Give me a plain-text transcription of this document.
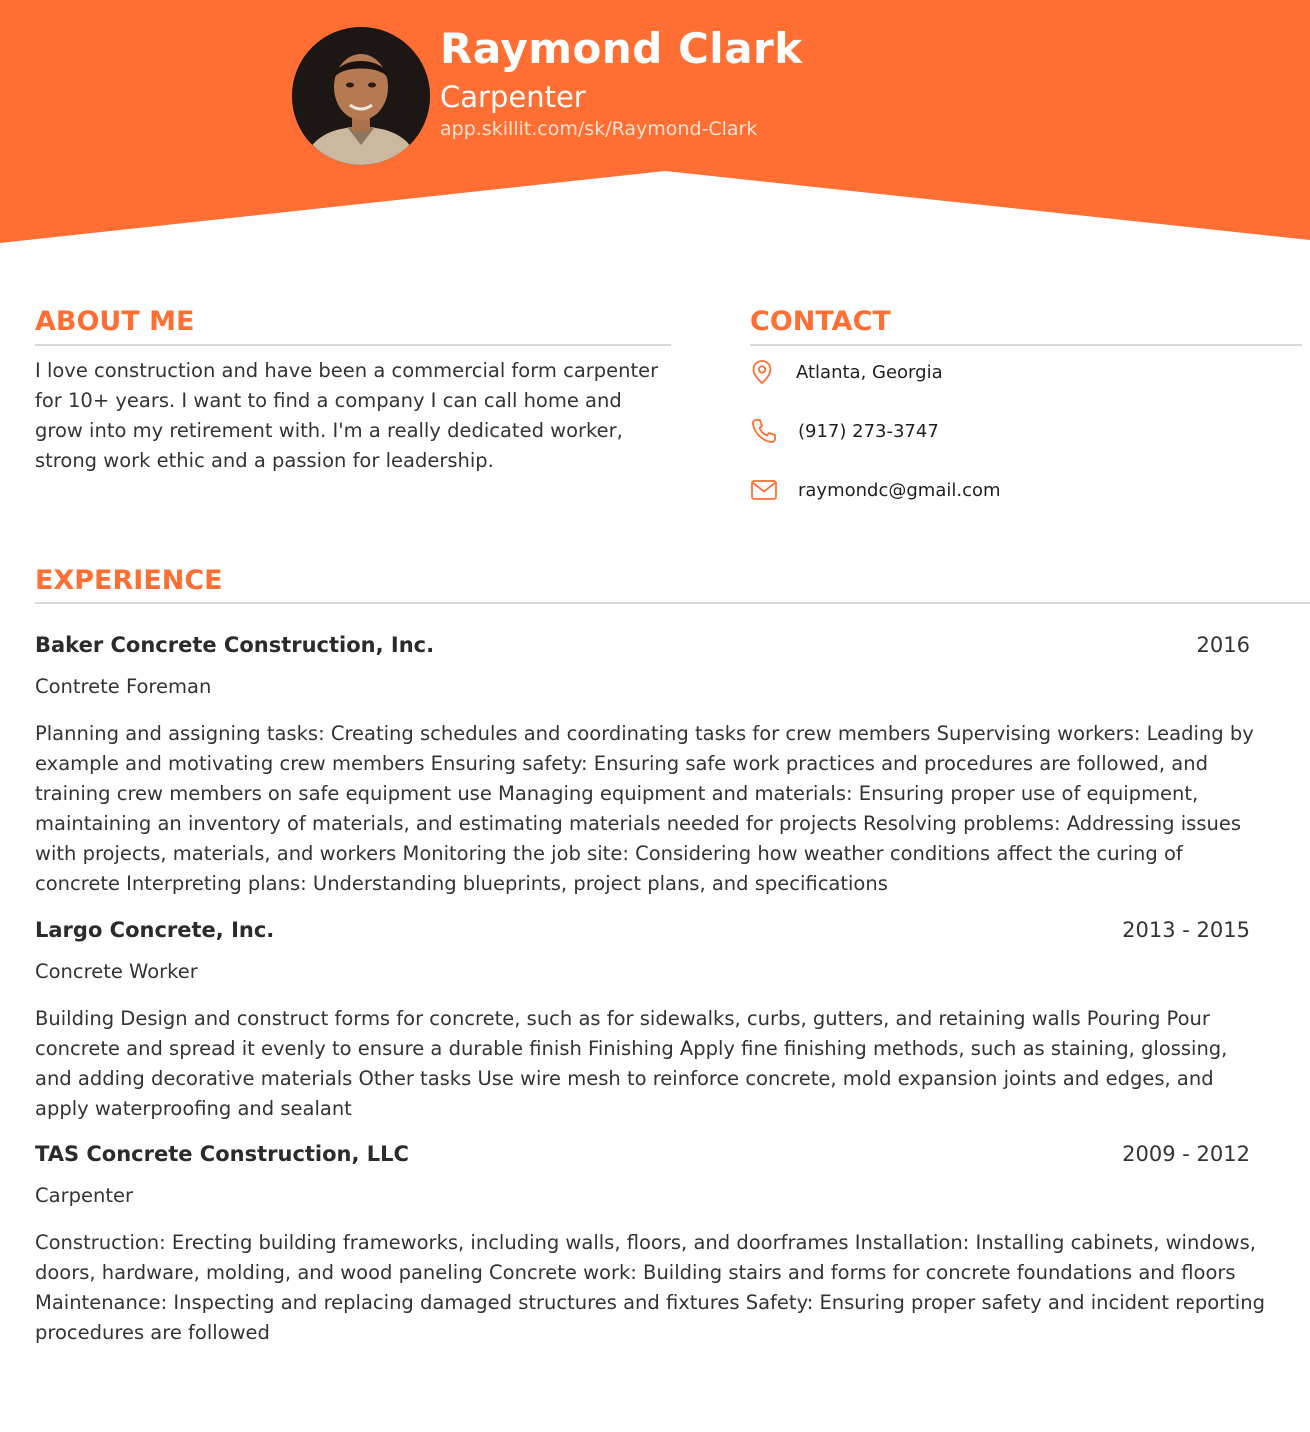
Raymond Clark
Carpenter
app.skillit.com/sk/Raymond-Clark
ABOUT ME
I love construction and have been a commercial form carpenter for 10+ years. I want to find a company I can call home and grow into my retirement with. I'm a really dedicated worker, strong work ethic and a passion for leadership.
CONTACT
Atlanta, Georgia
(917) 273-3747
raymondc@gmail.com
EXPERIENCE
Baker Concrete Construction, Inc.	2016
Contrete Foreman
Planning and assigning tasks: Creating schedules and coordinating tasks for crew members Supervising workers: Leading by example and motivating crew members Ensuring safety: Ensuring safe work practices and procedures are followed, and training crew members on safe equipment use Managing equipment and materials: Ensuring proper use of equipment, maintaining an inventory of materials, and estimating materials needed for projects Resolving problems: Addressing issues with projects, materials, and workers Monitoring the job site: Considering how weather conditions affect the curing of concrete Interpreting plans: Understanding blueprints, project plans, and specifications
Largo Concrete, Inc.	2013 - 2015
Concrete Worker
Building Design and construct forms for concrete, such as for sidewalks, curbs, gutters, and retaining walls Pouring Pour concrete and spread it evenly to ensure a durable finish Finishing Apply fine finishing methods, such as staining, glossing, and adding decorative materials Other tasks Use wire mesh to reinforce concrete, mold expansion joints and edges, and apply waterproofing and sealant
TAS Concrete Construction, LLC	2009 - 2012
Carpenter
Construction: Erecting building frameworks, including walls, floors, and doorframes Installation: Installing cabinets, windows, doors, hardware, molding, and wood paneling Concrete work: Building stairs and forms for concrete foundations and floors Maintenance: Inspecting and replacing damaged structures and fixtures Safety: Ensuring proper safety and incident reporting procedures are followed
